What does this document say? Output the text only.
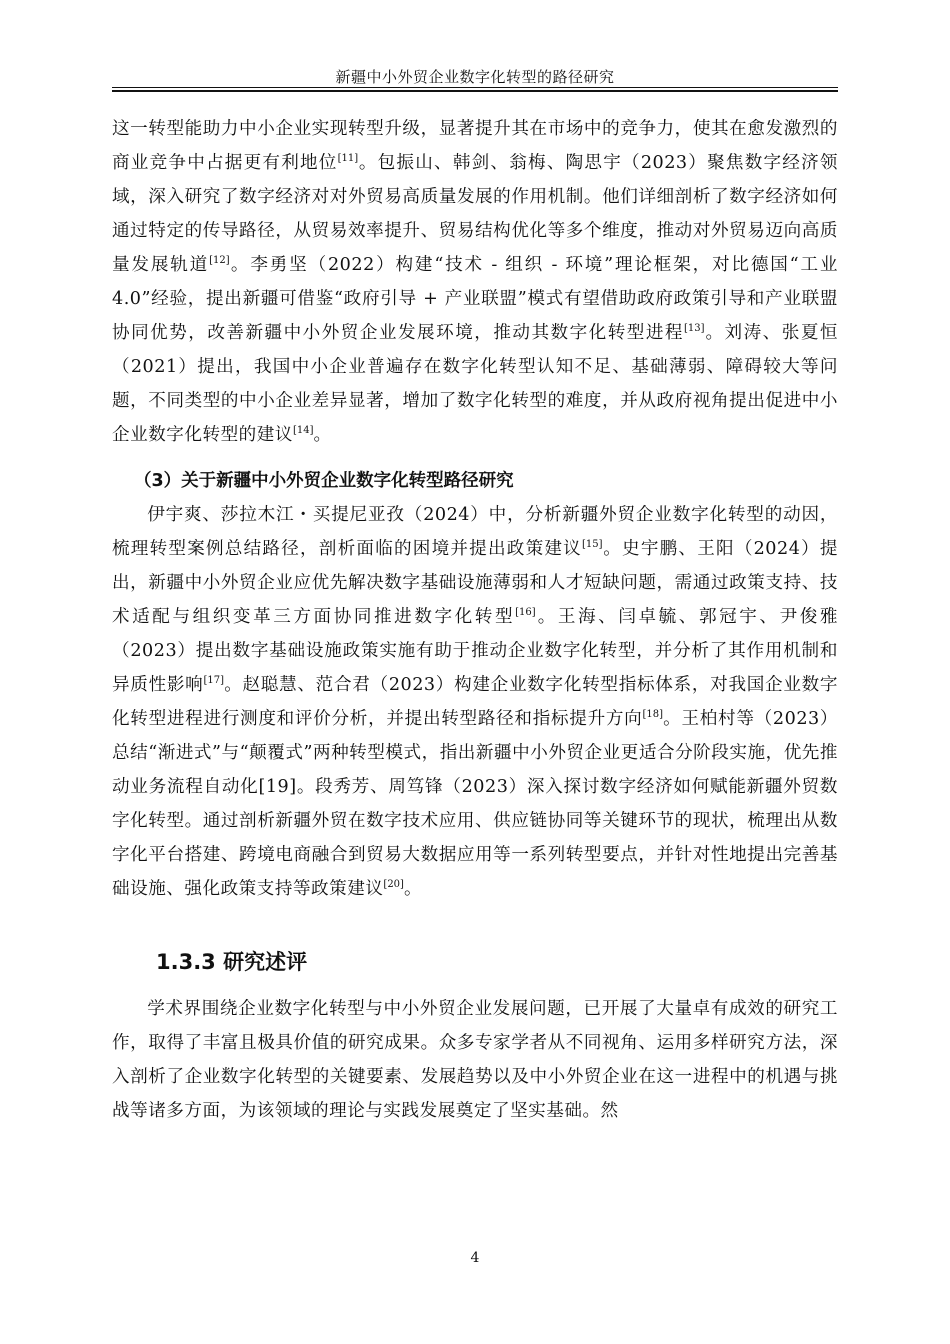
新疆中小外贸企业数字化转型的路径研究

这一转型能助力中小企业实现转型升级，显著提升其在市场中的竞争力，使其在愈发激烈的商业竞争中占据更有利地位[11]。包振山、韩剑、翁梅、陶思宇（2023）聚焦数字经济领域，深入研究了数字经济对对外贸易高质量发展的作用机制。他们详细剖析了数字经济如何通过特定的传导路径，从贸易效率提升、贸易结构优化等多个维度，推动对外贸易迈向高质量发展轨道[12]。李勇坚（2022）构建“技术 - 组织 - 环境”理论框架，对比德国“工业 4.0”经验，提出新疆可借鉴“政府引导 + 产业联盟”模式有望借助政府政策引导和产业联盟协同优势，改善新疆中小外贸企业发展环境，推动其数字化转型进程[13]。刘涛、张夏恒（2021）提出，我国中小企业普遍存在数字化转型认知不足、基础薄弱、障碍较大等问题，不同类型的中小企业差异显著，增加了数字化转型的难度，并从政府视角提出促进中小企业数字化转型的建议[14]。

（3）关于新疆中小外贸企业数字化转型路径研究

伊宇爽、莎拉木江・买提尼亚孜（2024）中，分析新疆外贸企业数字化转型的动因，梳理转型案例总结路径，剖析面临的困境并提出政策建议[15]。史宇鹏、王阳（2024）提出，新疆中小外贸企业应优先解决数字基础设施薄弱和人才短缺问题，需通过政策支持、技术适配与组织变革三方面协同推进数字化转型[16]。王海、闫卓毓、郭冠宇、尹俊雅（2023）提出数字基础设施政策实施有助于推动企业数字化转型，并分析了其作用机制和异质性影响[17]。赵聪慧、范合君（2023）构建企业数字化转型指标体系，对我国企业数字化转型进程进行测度和评价分析，并提出转型路径和指标提升方向[18]。王柏村等（2023）总结“渐进式”与“颠覆式”两种转型模式，指出新疆中小外贸企业更适合分阶段实施，优先推动业务流程自动化[19]。段秀芳、周笃锋（2023）深入探讨数字经济如何赋能新疆外贸数字化转型。通过剖析新疆外贸在数字技术应用、供应链协同等关键环节的现状，梳理出从数字化平台搭建、跨境电商融合到贸易大数据应用等一系列转型要点，并针对性地提出完善基础设施、强化政策支持等政策建议[20]。

1.3.3 研究述评

学术界围绕企业数字化转型与中小外贸企业发展问题，已开展了大量卓有成效的研究工作，取得了丰富且极具价值的研究成果。众多专家学者从不同视角、运用多样研究方法，深入剖析了企业数字化转型的关键要素、发展趋势以及中小外贸企业在这一进程中的机遇与挑战等诸多方面，为该领域的理论与实践发展奠定了坚实基础。然

4
